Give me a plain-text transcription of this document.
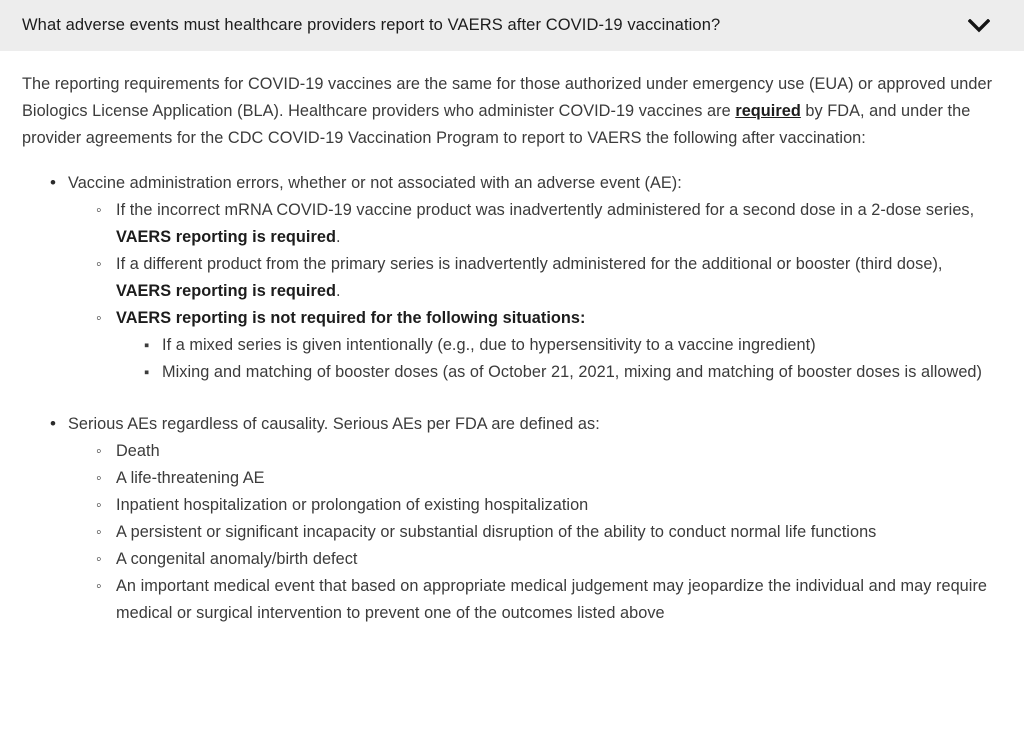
What adverse events must healthcare providers report to VAERS after COVID-19 vaccination?

The reporting requirements for COVID-19 vaccines are the same for those authorized under emergency use (EUA) or approved under Biologics License Application (BLA). Healthcare providers who administer COVID-19 vaccines are required by FDA, and under the provider agreements for the CDC COVID-19 Vaccination Program to report to VAERS the following after vaccination:

• Vaccine administration errors, whether or not associated with an adverse event (AE):
◦ If the incorrect mRNA COVID-19 vaccine product was inadvertently administered for a second dose in a 2-dose series, VAERS reporting is required.
◦ If a different product from the primary series is inadvertently administered for the additional or booster (third dose), VAERS reporting is required.
◦ VAERS reporting is not required for the following situations:
▪ If a mixed series is given intentionally (e.g., due to hypersensitivity to a vaccine ingredient)
▪ Mixing and matching of booster doses (as of October 21, 2021, mixing and matching of booster doses is allowed)
• Serious AEs regardless of causality. Serious AEs per FDA are defined as:
◦ Death
◦ A life-threatening AE
◦ Inpatient hospitalization or prolongation of existing hospitalization
◦ A persistent or significant incapacity or substantial disruption of the ability to conduct normal life functions
◦ A congenital anomaly/birth defect
◦ An important medical event that based on appropriate medical judgement may jeopardize the individual and may require medical or surgical intervention to prevent one of the outcomes listed above
